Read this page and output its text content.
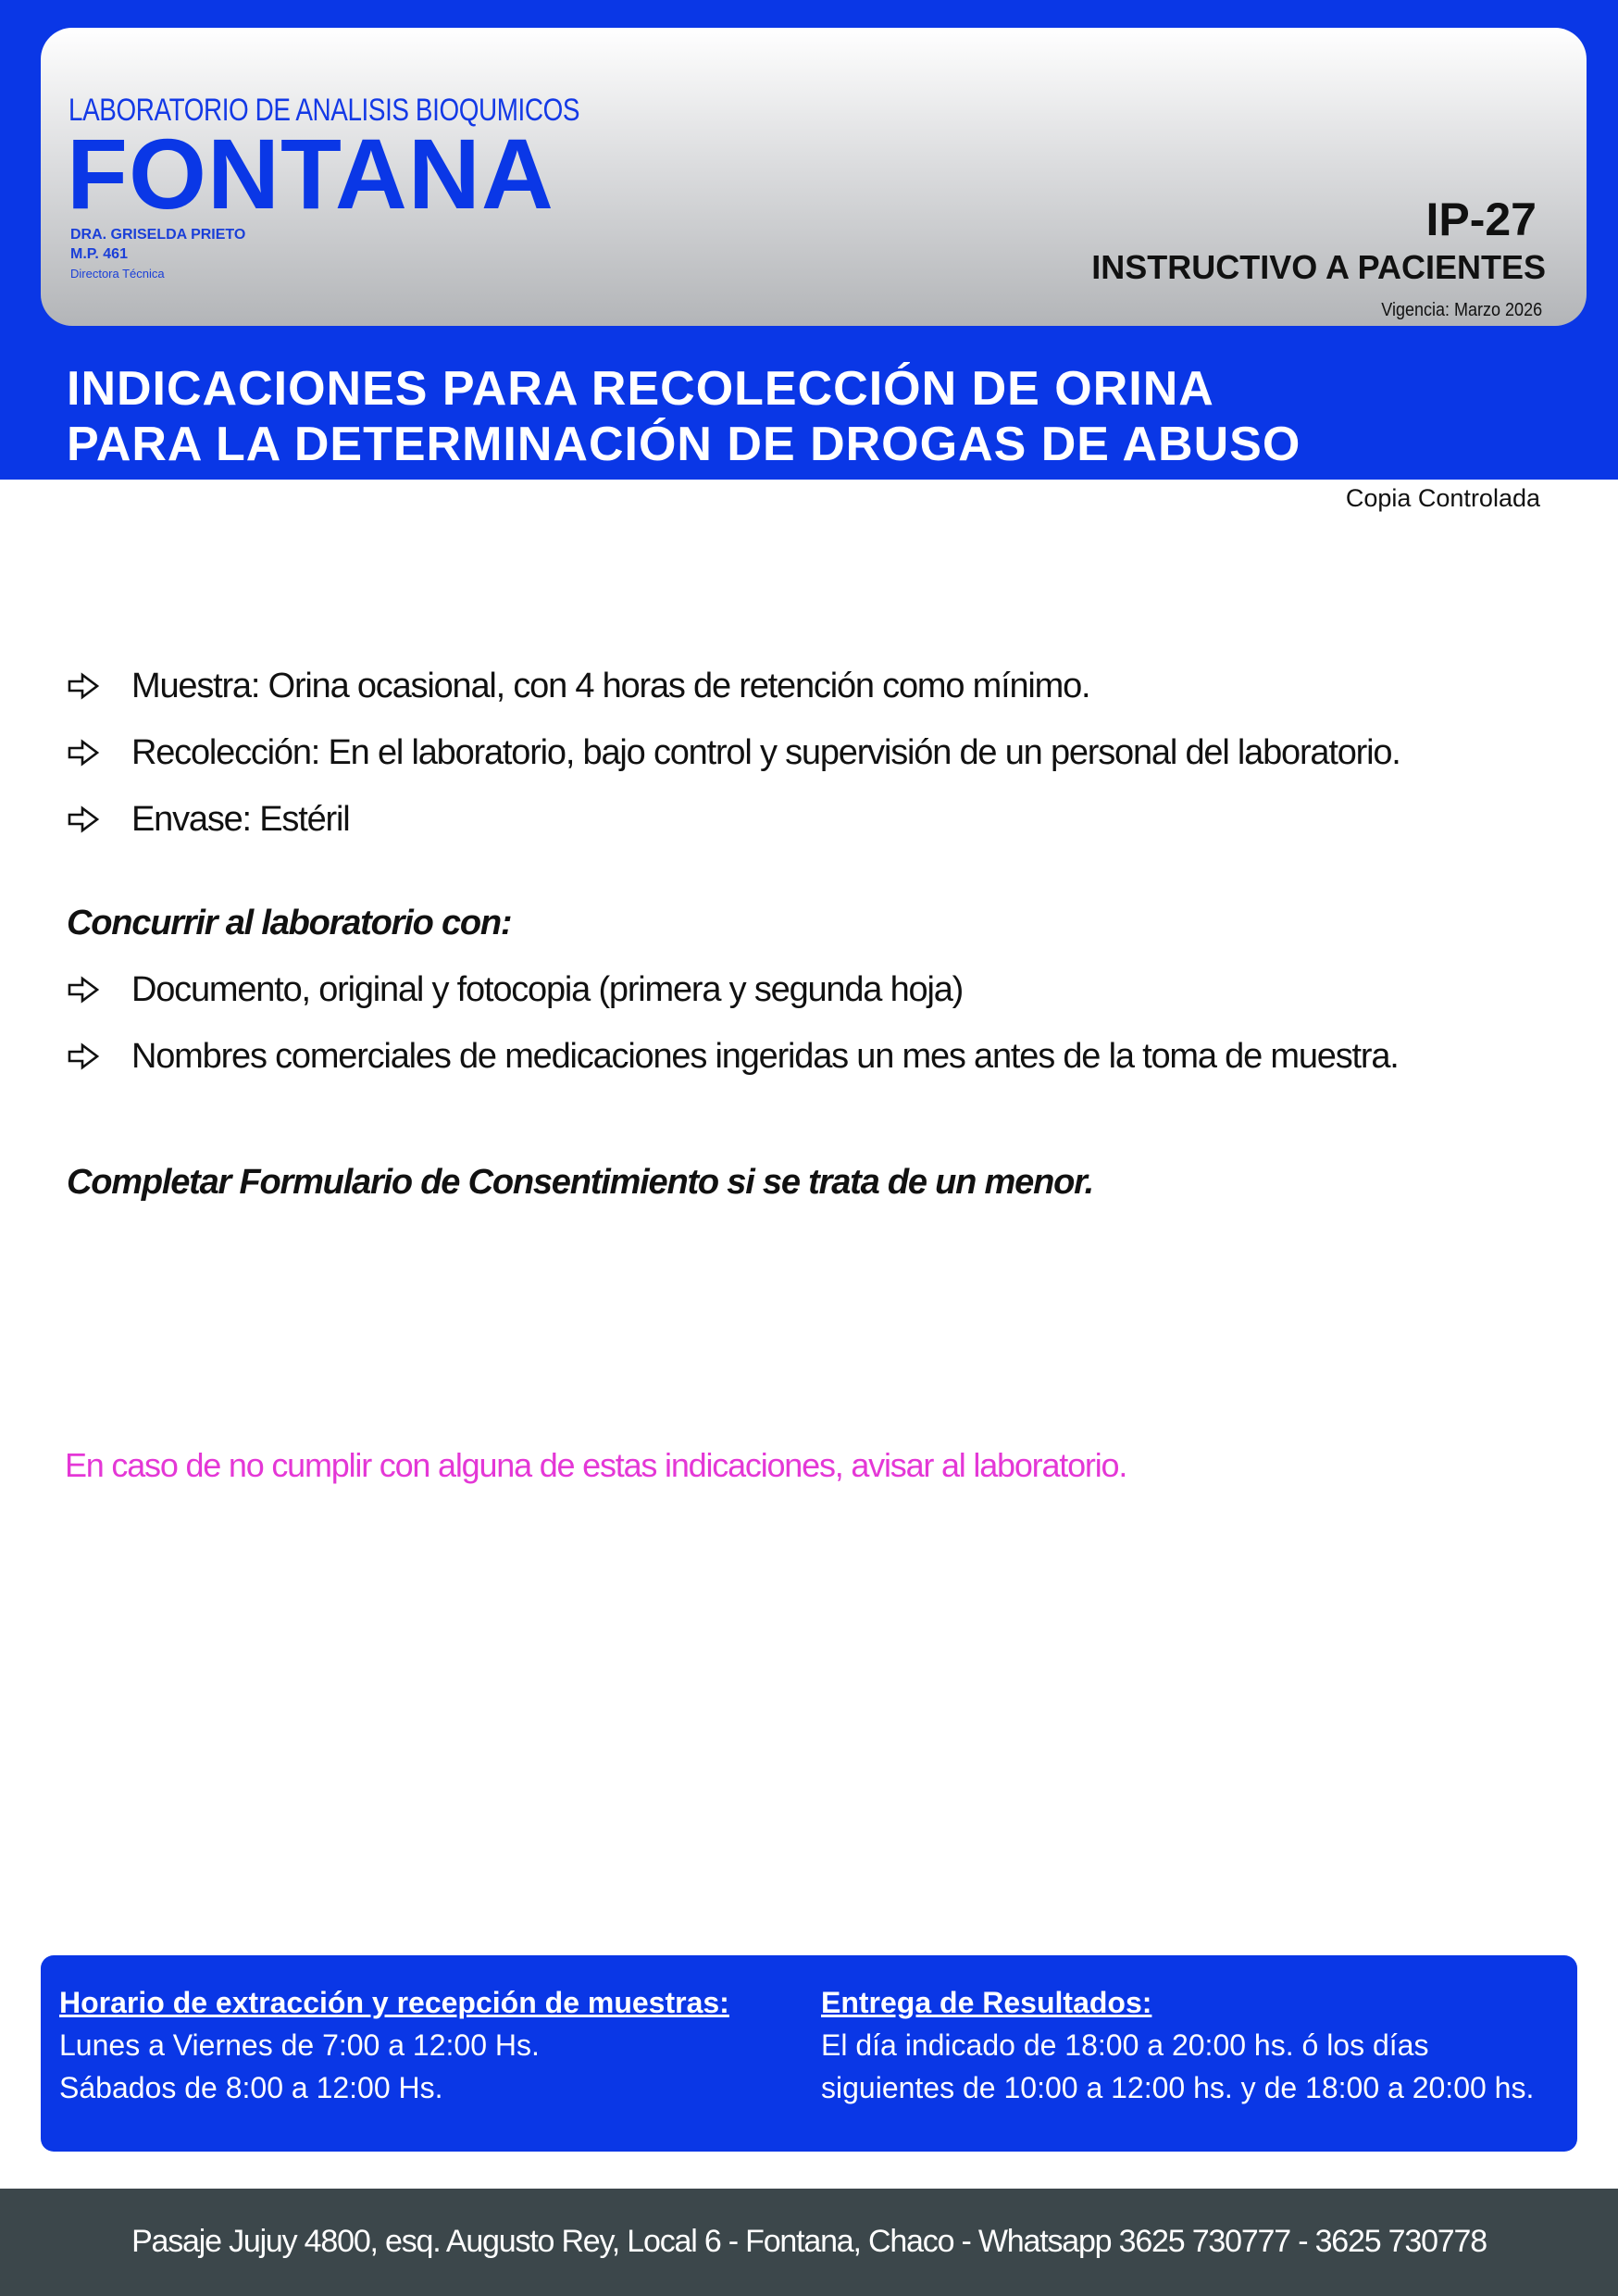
LABORATORIO DE ANALISIS BIOQUMICOS
FONTANA
DRA. GRISELDA PRIETO
M.P. 461
Directora Técnica
IP-27
INSTRUCTIVO A PACIENTES
Vigencia: Marzo 2026
INDICACIONES PARA RECOLECCIÓN DE ORINA
PARA LA DETERMINACIÓN DE DROGAS DE ABUSO
Copia Controlada
Muestra: Orina ocasional, con 4 horas de retención como mínimo.
Recolección: En el laboratorio, bajo control y supervisión de un personal del laboratorio.
Envase: Estéril
Concurrir al laboratorio con:
Documento, original y fotocopia (primera y segunda hoja)
Nombres comerciales de medicaciones ingeridas un mes antes de la toma de muestra.
Completar Formulario de Consentimiento si se trata de un menor.
En caso de no cumplir con alguna de estas indicaciones, avisar al laboratorio.
Horario de extracción y recepción de muestras:
Lunes a Viernes de 7:00 a 12:00 Hs.
Sábados de 8:00 a 12:00 Hs.
Entrega de Resultados:
El día indicado de 18:00 a 20:00 hs. ó los días
siguientes de 10:00 a 12:00 hs. y de 18:00 a 20:00 hs.
Pasaje Jujuy 4800, esq. Augusto Rey, Local 6 - Fontana, Chaco - Whatsapp 3625 730777 - 3625 730778
